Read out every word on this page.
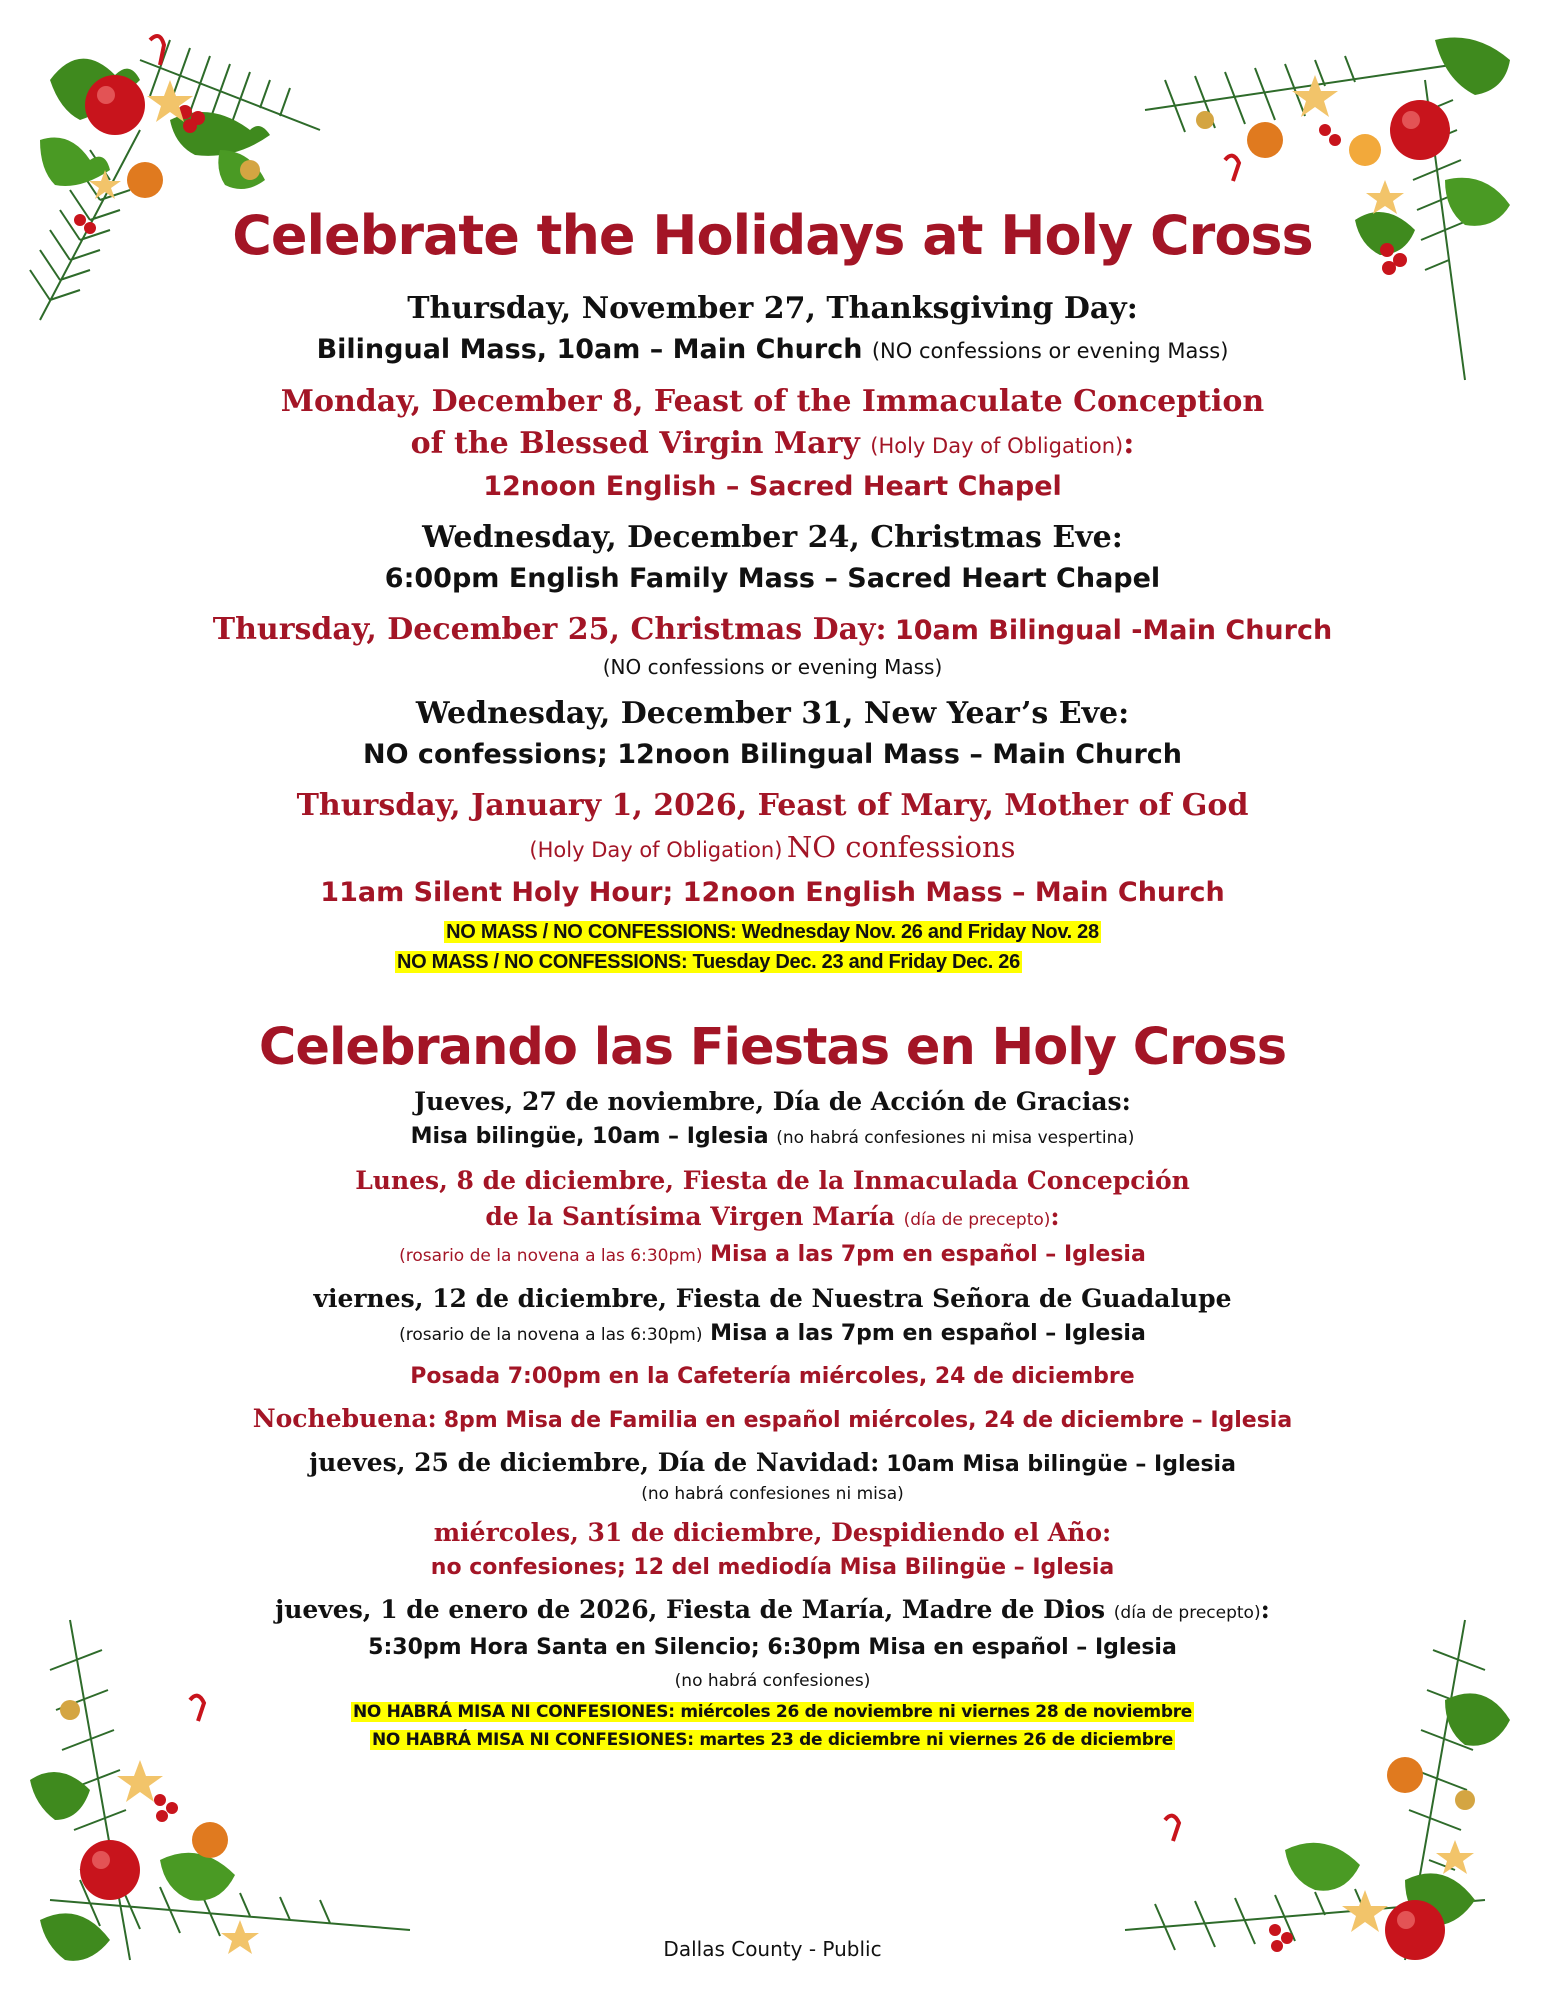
Celebrate the Holidays at Holy Cross

Thursday, November 27, Thanksgiving Day:

Bilingual Mass, 10am – Main Church (NO confessions or evening Mass)

Monday, December 8, Feast of the Immaculate Conception

of the Blessed Virgin Mary (Holy Day of Obligation):

12noon English – Sacred Heart Chapel

Wednesday, December 24, Christmas Eve:

6:00pm English Family Mass – Sacred Heart Chapel

Thursday, December 25, Christmas Day: 10am Bilingual -Main Church

(NO confessions or evening Mass)

Wednesday, December 31, New Year’s Eve:

NO confessions; 12noon Bilingual Mass – Main Church

Thursday, January 1, 2026, Feast of Mary, Mother of God

(Holy Day of Obligation) NO confessions

11am Silent Holy Hour; 12noon English Mass – Main Church

NO MASS / NO CONFESSIONS: Wednesday Nov. 26 and Friday Nov. 28

NO MASS / NO CONFESSIONS: Tuesday Dec. 23 and Friday Dec. 26

Celebrando las Fiestas en Holy Cross

Jueves, 27 de noviembre, Día de Acción de Gracias:

Misa bilingüe, 10am – Iglesia (no habrá confesiones ni misa vespertina)

Lunes, 8 de diciembre, Fiesta de la Inmaculada Concepción

de la Santísima Virgen María (día de precepto):

(rosario de la novena a las 6:30pm) Misa a las 7pm en español – Iglesia

viernes, 12 de diciembre, Fiesta de Nuestra Señora de Guadalupe

(rosario de la novena a las 6:30pm) Misa a las 7pm en español – Iglesia

Posada 7:00pm en la Cafetería miércoles, 24 de diciembre

Nochebuena: 8pm Misa de Familia en español miércoles, 24 de diciembre – Iglesia

jueves, 25 de diciembre, Día de Navidad: 10am Misa bilingüe – Iglesia

(no habrá confesiones ni misa)

miércoles, 31 de diciembre, Despidiendo el Año:

no confesiones; 12 del mediodía Misa Bilingüe – Iglesia

jueves, 1 de enero de 2026, Fiesta de María, Madre de Dios (día de precepto):

5:30pm Hora Santa en Silencio; 6:30pm Misa en español – Iglesia

(no habrá confesiones)

NO HABRÁ MISA NI CONFESIONES: miércoles 26 de noviembre ni viernes 28 de noviembre

NO HABRÁ MISA NI CONFESIONES: martes 23 de diciembre ni viernes 26 de diciembre

Dallas County - Public
